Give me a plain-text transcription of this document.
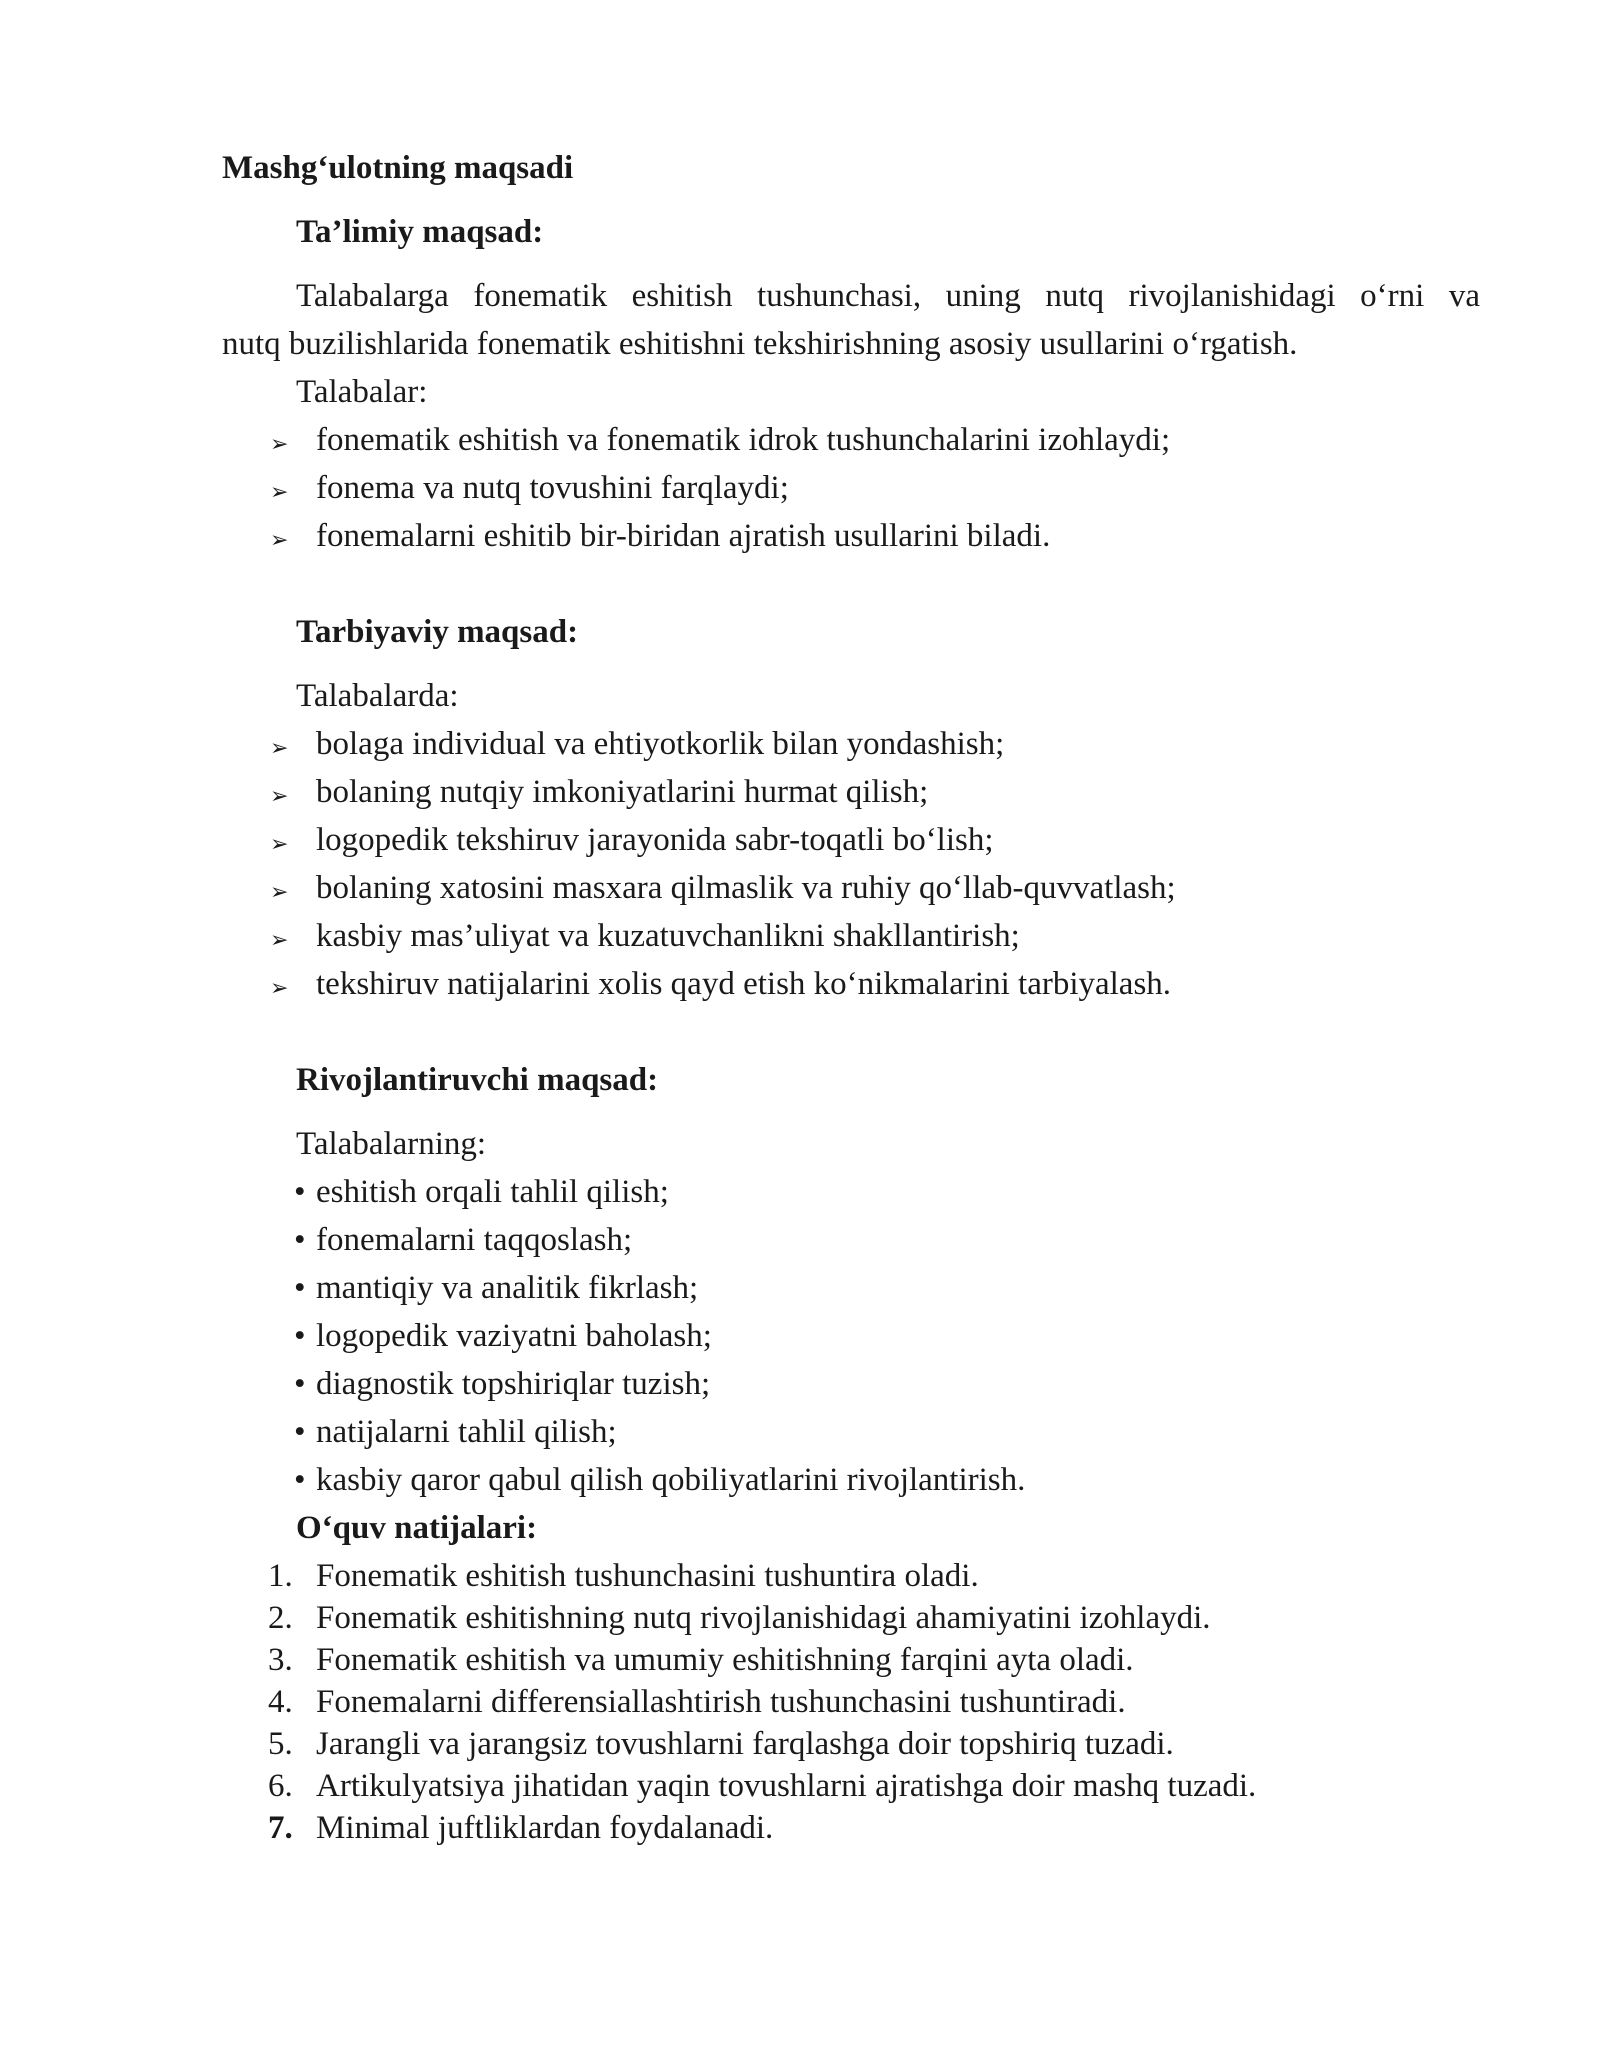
Mashg‘ulotning maqsadi
Ta’limiy maqsad:
Talabalarga fonematik eshitish tushunchasi, uning nutq rivojlanishidagi o‘rni va
nutq buzilishlarida fonematik eshitishni tekshirishning asosiy usullarini o‘rgatish.
Talabalar:
➢ fonematik eshitish va fonematik idrok tushunchalarini izohlaydi;
➢ fonema va nutq tovushini farqlaydi;
➢ fonemalarni eshitib bir-biridan ajratish usullarini biladi.
Tarbiyaviy maqsad:
Talabalarda:
➢ bolaga individual va ehtiyotkorlik bilan yondashish;
➢ bolaning nutqiy imkoniyatlarini hurmat qilish;
➢ logopedik tekshiruv jarayonida sabr-toqatli bo‘lish;
➢ bolaning xatosini masxara qilmaslik va ruhiy qo‘llab-quvvatlash;
➢ kasbiy mas’uliyat va kuzatuvchanlikni shakllantirish;
➢ tekshiruv natijalarini xolis qayd etish ko‘nikmalarini tarbiyalash.
Rivojlantiruvchi maqsad:
Talabalarning:
• eshitish orqali tahlil qilish;
• fonemalarni taqqoslash;
• mantiqiy va analitik fikrlash;
• logopedik vaziyatni baholash;
• diagnostik topshiriqlar tuzish;
• natijalarni tahlil qilish;
• kasbiy qaror qabul qilish qobiliyatlarini rivojlantirish.
O‘quv natijalari:
1. Fonematik eshitish tushunchasini tushuntira oladi.
2. Fonematik eshitishning nutq rivojlanishidagi ahamiyatini izohlaydi.
3. Fonematik eshitish va umumiy eshitishning farqini ayta oladi.
4. Fonemalarni differensiallashtirish tushunchasini tushuntiradi.
5. Jarangli va jarangsiz tovushlarni farqlashga doir topshiriq tuzadi.
6. Artikulyatsiya jihatidan yaqin tovushlarni ajratishga doir mashq tuzadi.
7. Minimal juftliklardan foydalanadi.
